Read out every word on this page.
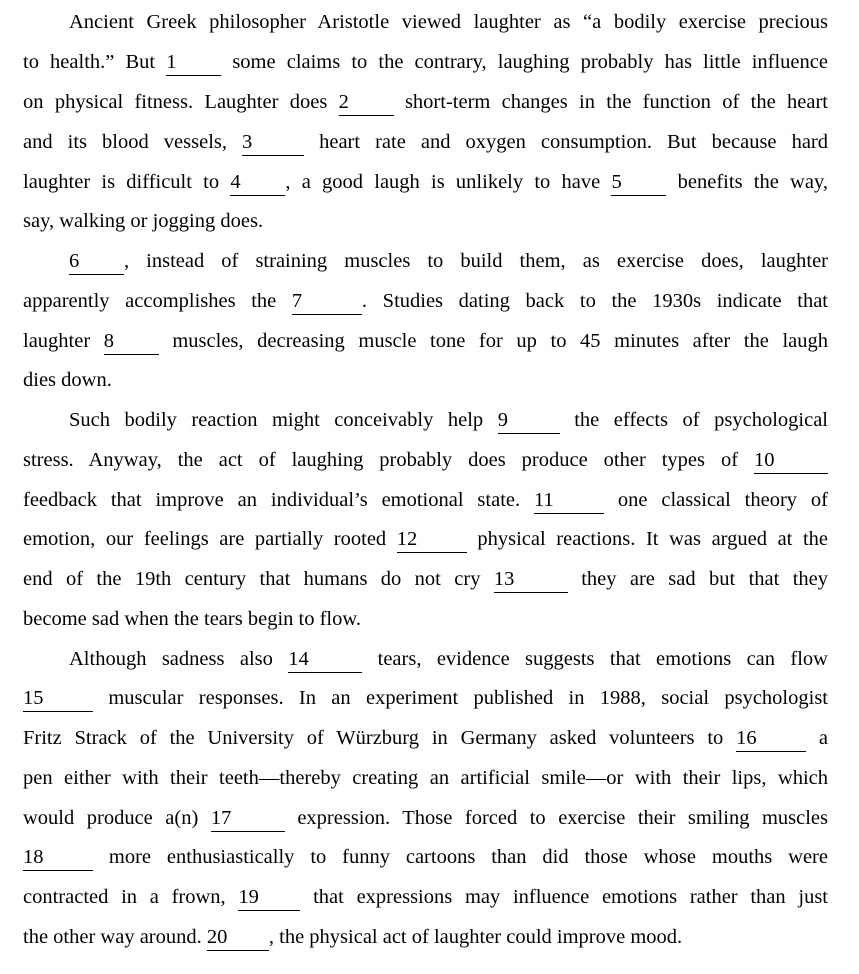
Ancient Greek philosopher Aristotle viewed laughter as “a bodily exercise precious
to health.” But 1 some claims to the contrary, laughing probably has little influence
on physical fitness. Laughter does 2 short-term changes in the function of the heart
and its blood vessels, 3	heart rate and oxygen consumption. But because hard
laughter is difficult to 4 , a good laugh is unlikely to have 5 benefits the way,
say, walking or jogging does.
6 , instead of straining muscles to build them, as exercise does, laughter
apparently accomplishes the 7	. Studies dating back to the 1930s indicate that
laughter 8 muscles, decreasing muscle tone for up to 45 minutes after the laugh
dies down.
Such bodily reaction might conceivably help 9	the effects of psychological
stress. Anyway, the act of laughing probably does produce other types of 10
feedback that improve an individual’s emotional state. 11 one classical theory of
emotion, our feelings are partially rooted 12 physical reactions. It was argued at the
end of the 19th century that humans do not cry 13	they are sad but that they
become sad when the tears begin to flow.
Although sadness also 14	tears, evidence suggests that emotions can flow
15 muscular responses. In an experiment published in 1988, social psychologist
Fritz Strack of the University of Würzburg in Germany asked volunteers to 16 a
pen either with their teeth—thereby creating an artificial smile—or with their lips, which
would produce a(n) 17	expression. Those forced to exercise their smiling muscles
18 more enthusiastically to funny cartoons than did those whose mouths were
contracted in a frown, 19 that expressions may influence emotions rather than just
the other way around. 20 , the physical act of laughter could improve mood.
